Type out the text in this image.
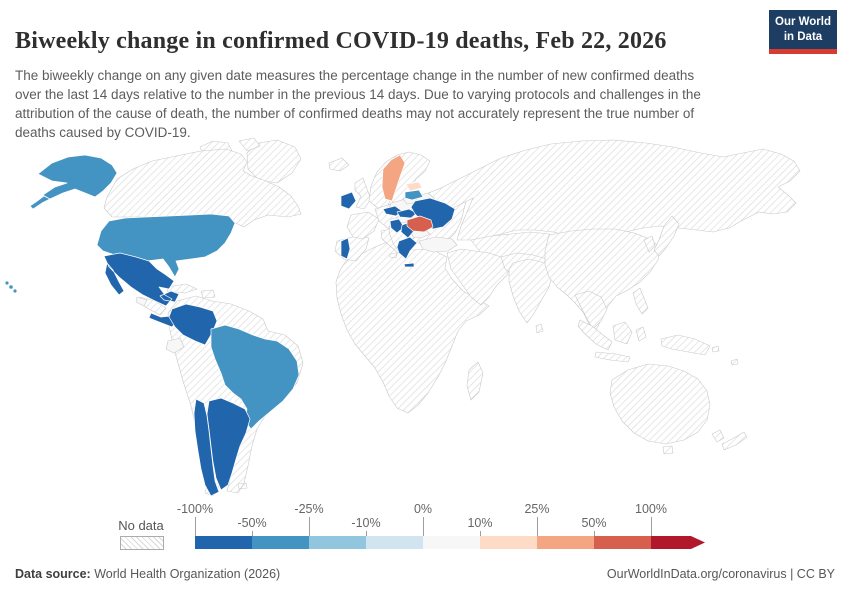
Biweekly change in confirmed COVID-19 deaths, Feb 22, 2026

The biweekly change on any given date measures the percentage change in the number of new confirmed deaths over the last 14 days relative to the number in the previous 14 days. Due to varying protocols and challenges in the attribution of the cause of death, the number of confirmed deaths may not accurately represent the true number of deaths caused by COVID-19.

Our World
in Data
No data
-100%
-50%
-25%
-10%
0%
10%
25%
50%
100%
Data source: World Health Organization (2026)	OurWorldInData.org/coronavirus | CC BY
